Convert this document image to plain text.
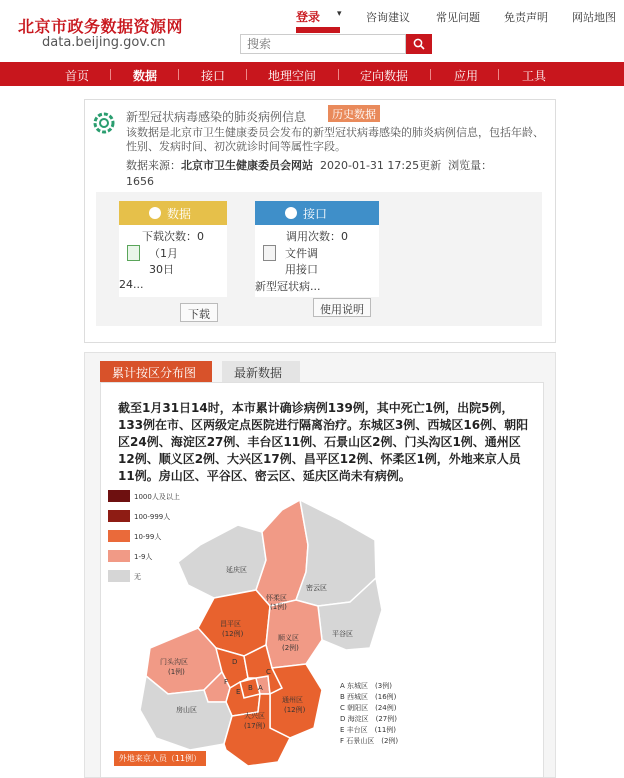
北京市政务数据资源网
data.beijing.gov.cn
登录 ▾ 咨询建议 常见问题 免责声明 网站地图
搜索
首页	数据	接口	地理空间	定向数据	应用	工具
新型冠状病毒感染的肺炎病例信息	历史数据
该数据是北京市卫生健康委员会发布的新型冠状病毒感染的肺炎病例信息，包括年龄、性别、发病时间、初次就诊时间等属性字段。
数据来源：北京市卫生健康委员会网站 2020-01-31 17:25更新 浏览量：
1656
数据
下载次数：0
（1月
30日
24...
下载
接口
调用次数：0
文件调
用接口
新型冠状病...
使用说明
累计按区分布图	最新数据
截至1月31日14时，本市累计确诊病例139例，其中死亡1例，出院5例，133例在市、区两级定点医院进行隔离治疗。东城区3例、西城区16例、朝阳区24例、海淀区27例、丰台区11例、石景山区2例、门头沟区1例、通州区12例、顺义区2例、大兴区17例、昌平区12例、怀柔区1例，外地来京人员11例。房山区、平谷区、密云区、延庆区尚未有病例。
1000人及以上
100-999人
10-99人
1-9人
无
延庆区
密云区
怀柔区
(1例)
昌平区
(12例)	顺义区
(2例)
平谷区
门头沟区
(1例)
房山区
通州区
(12例)
大兴区
(17例)
D
E
F
A
B
C
A 东城区　(3例)
B 西城区　(16例)
C 朝阳区　(24例)
D 海淀区　(27例)
E 丰台区　(11例)
F 石景山区　(2例)
外地来京人员（11例）
